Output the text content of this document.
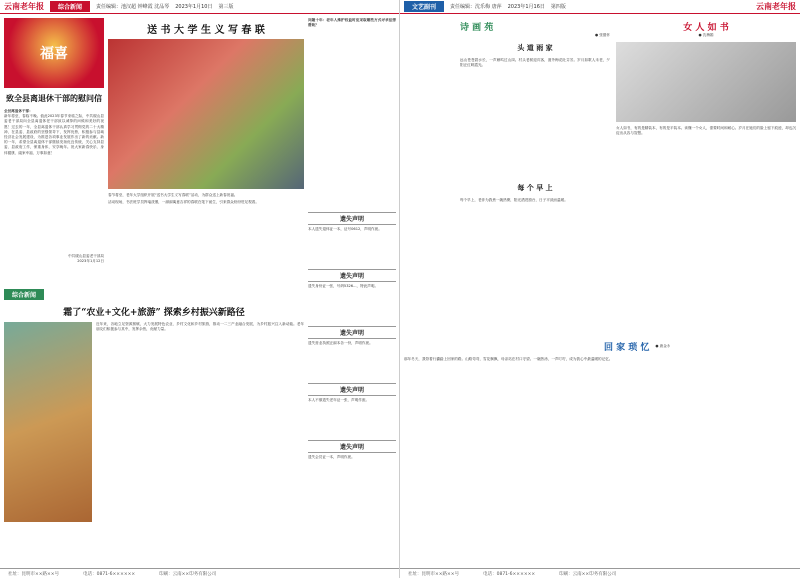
云南老年报	综合新闻	责任编辑：池汉超 钟峰霞 沈品琴 2023年1月10日 第三版
福喜
致全县离退休干部的慰问信
全县离退休干部：
新年将至，春临不晚。值此2023年春节来临之际，中共砚山县委老干部局向全县离退休老干部致以诚挚的问候和美好的祝愿！过去的一年，全县离退休干部认真学习贯彻党的二十大精神，在县委、县政府的坚强领导下，发挥优势，积极参与县域经济社会发展建设，为推进各项事业发展作出了新的贡献。新的一年，希望全县离退休干部继续发扬优良传统，关心支持县委、县政府工作，保重身体，安享晚年。祝大家新春快乐、身体健康、阖家幸福、万事如意！
中共砚山县委老干部局
2023年1月12日
送 书 大 学 生 义 写 春 联
春节将至，老年大学组织开展“送书大学生义写春联”活动，为群众送上新春祝福。
活动现场，书法班学员挥毫泼墨，一副副寓意吉祥的春联在笔下诞生，引来群众纷纷驻足观看。
问题十年：老年人维护权益时应采取哪些方式寻求法律帮助？
遗失声明
本人遗失退休证一本，证号0612，声明作废。
遗失声明
遗失身份证一张，号码5326...，特此声明。
遗失声明
遗失营业执照正副本各一份，声明作废。
遗失声明
本人不慎遗失老年证一张，声明作废。
遗失声明
遗失会员证一本，声明作废。
综合新闻
霜了“农业+文化+旅游” 探索乡村振兴新路径
近年来，各地立足资源禀赋，大力发展特色农业、乡村文化和乡村旅游，推动一二三产业融合发展，为乡村振兴注入新动能。老年朋友们积极参与其中，发挥余热，贡献力量。
社址：昆明市××路××号	电话：0871-6××××××	印刷：云南××印务有限公司
文艺副刊	责任编辑：沈乐梅 唐萍 2023年1月16日 第四版	云南老年报
诗 画 苑
● 张德怀
头 道 雨 家
远山苍苍碧水长，一声雁鸣过山岗。村头老树迎宾客，窗外梅花吐芬芳。岁月如歌人未老，夕阳正红映霞光。
每 个 早 上
每个早上，老伴为我煮一碗热粥，阳光洒进窗台，日子平淡而温暖。
女 人 如 书
● 沈梅娟
女人如书，有的是精装本，有的是平装本。读懂一个女人，需要时间和耐心。岁月在她们的脸上留下痕迹，却也沉淀出从容与智慧。
回 家 琐 忆 ● 唐金永
那年冬天，我背着行囊踏上回家的路。山路弯弯，雪花飘飘，母亲站在村口守望。一碗热汤，一声叮咛，成为我心中最温暖的记忆。
社址：昆明市××路××号	电话：0871-6××××××	印刷：云南××印务有限公司
